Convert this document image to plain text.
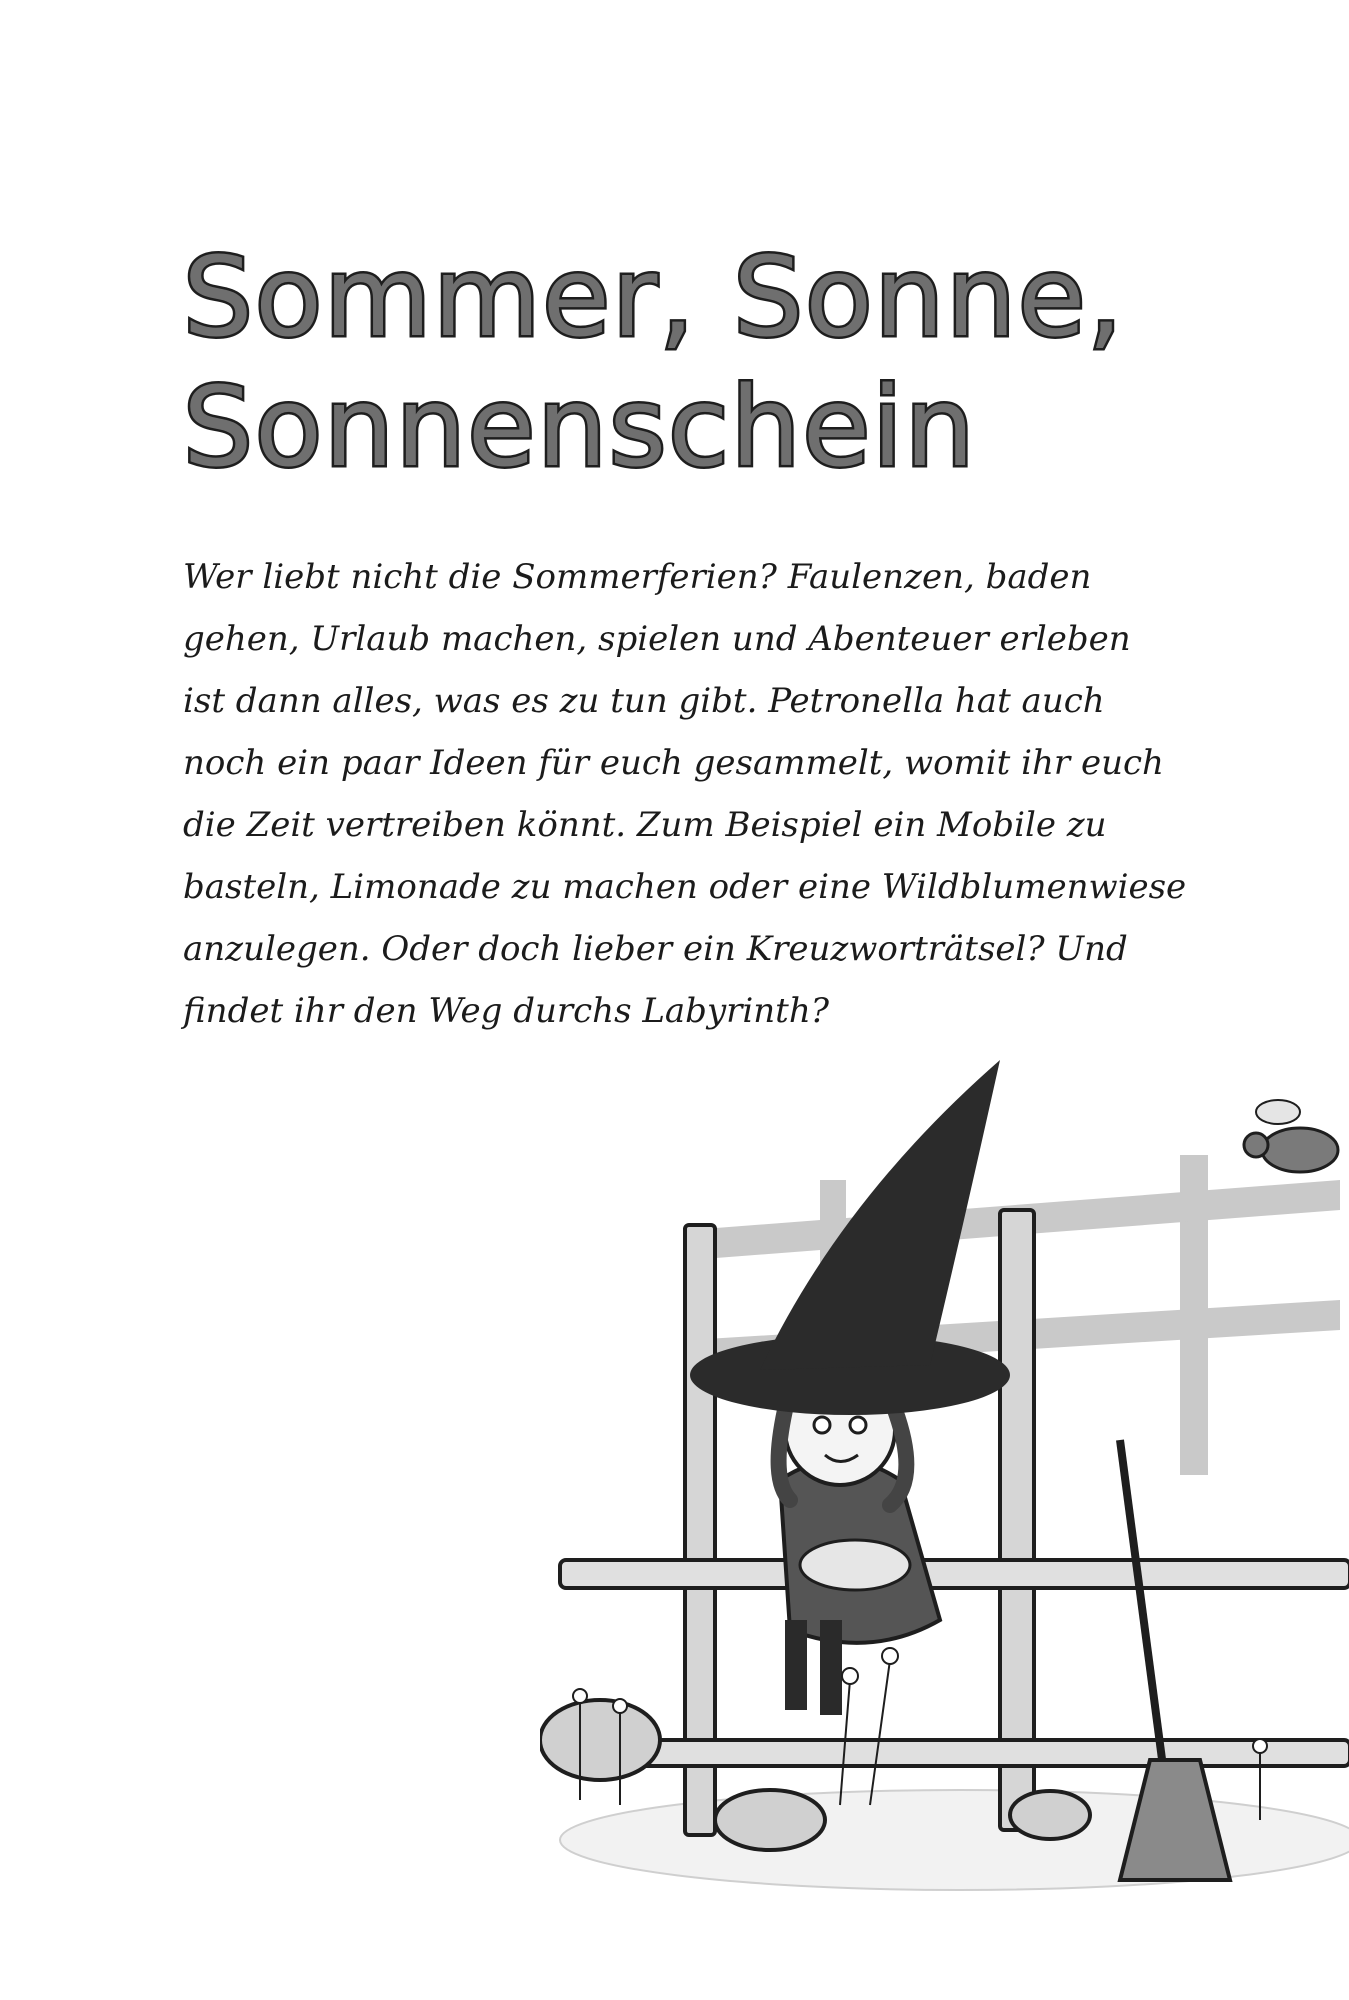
Sommer, Sonne,
Sonnenschein

Wer liebt nicht die Sommerferien? Faulenzen, baden
gehen, Urlaub machen, spielen und Abenteuer erleben
ist dann alles, was es zu tun gibt. Petronella hat auch
noch ein paar Ideen für euch gesammelt, womit ihr euch
die Zeit vertreiben könnt. Zum Beispiel ein Mobile zu
basteln, Limonade zu machen oder eine Wildblumenwiese
anzulegen. Oder doch lieber ein Kreuzworträtsel? Und
findet ihr den Weg durchs Labyrinth?
